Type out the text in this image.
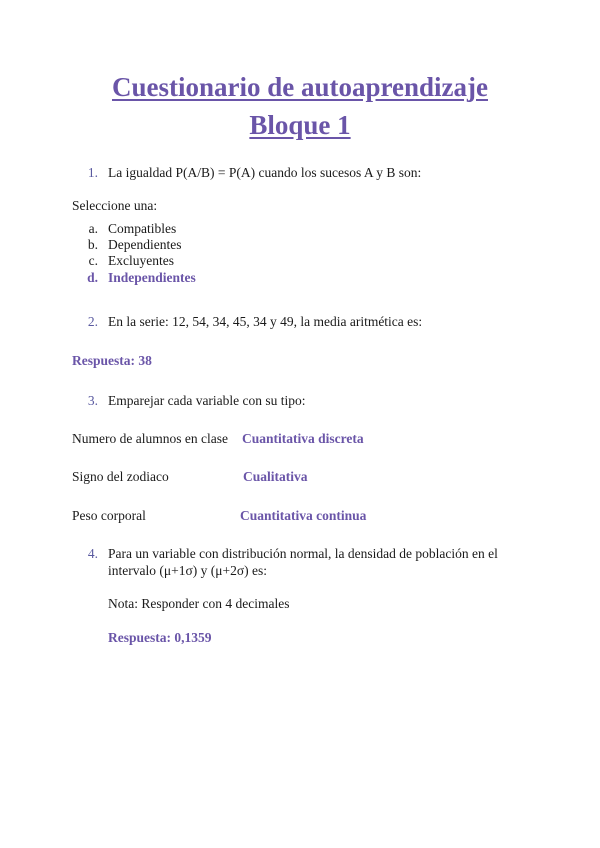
Cuestionario de autoaprendizaje
Bloque 1
1. La igualdad P(A/B) = P(A) cuando los sucesos A y B son:
Seleccione una:
a. Compatibles
b. Dependientes
c. Excluyentes
d. Independientes
2. En la serie: 12, 54, 34, 45, 34 y 49, la media aritmética es:
Respuesta: 38
3. Emparejar cada variable con su tipo:
Numero de alumnos en clase Cuantitativa discreta
Signo del zodiaco	Cualitativa
Peso corporal	Cuantitativa continua
4. Para un variable con distribución normal, la densidad de población en el
intervalo (μ+1σ) y (μ+2σ) es:
Nota: Responder con 4 decimales
Respuesta: 0,1359
